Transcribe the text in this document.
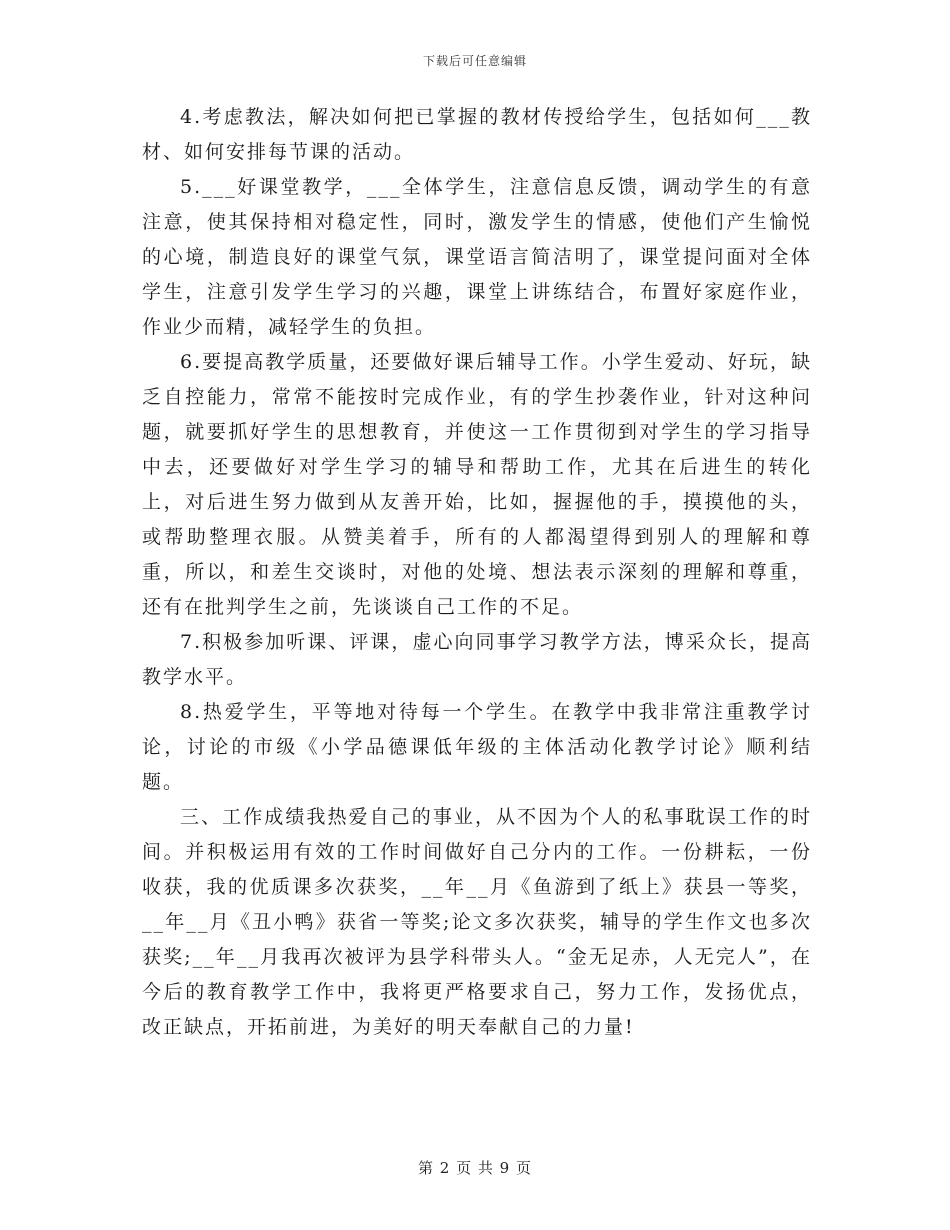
下载后可任意编辑

4.考虑教法，解决如何把已掌握的教材传授给学生，包括如何___教材、如何安排每节课的活动。

5.___好课堂教学，___全体学生，注意信息反馈，调动学生的有意注意，使其保持相对稳定性，同时，激发学生的情感，使他们产生愉悦的心境，制造良好的课堂气氛，课堂语言简洁明了，课堂提问面对全体学生，注意引发学生学习的兴趣，课堂上讲练结合，布置好家庭作业，作业少而精，减轻学生的负担。

6.要提高教学质量，还要做好课后辅导工作。小学生爱动、好玩，缺乏自控能力，常常不能按时完成作业，有的学生抄袭作业，针对这种问题，就要抓好学生的思想教育，并使这一工作贯彻到对学生的学习指导中去，还要做好对学生学习的辅导和帮助工作，尤其在后进生的转化上，对后进生努力做到从友善开始，比如，握握他的手，摸摸他的头，或帮助整理衣服。从赞美着手，所有的人都渴望得到别人的理解和尊重，所以，和差生交谈时，对他的处境、想法表示深刻的理解和尊重，还有在批判学生之前，先谈谈自己工作的不足。

7.积极参加听课、评课，虚心向同事学习教学方法，博采众长，提高教学水平。

8.热爱学生，平等地对待每一个学生。在教学中我非常注重教学讨论，讨论的市级《小学品德课低年级的主体活动化教学讨论》顺利结题。

三、工作成绩我热爱自己的事业，从不因为个人的私事耽误工作的时间。并积极运用有效的工作时间做好自己分内的工作。一份耕耘，一份收获，我的优质课多次获奖，__年__月《鱼游到了纸上》获县一等奖，__年__月《丑小鸭》获省一等奖;论文多次获奖，辅导的学生作文也多次获奖;__年__月我再次被评为县学科带头人。“金无足赤，人无完人”，在今后的教育教学工作中，我将更严格要求自己，努力工作，发扬优点，改正缺点，开拓前进，为美好的明天奉献自己的力量!

第 2 页 共 9 页
